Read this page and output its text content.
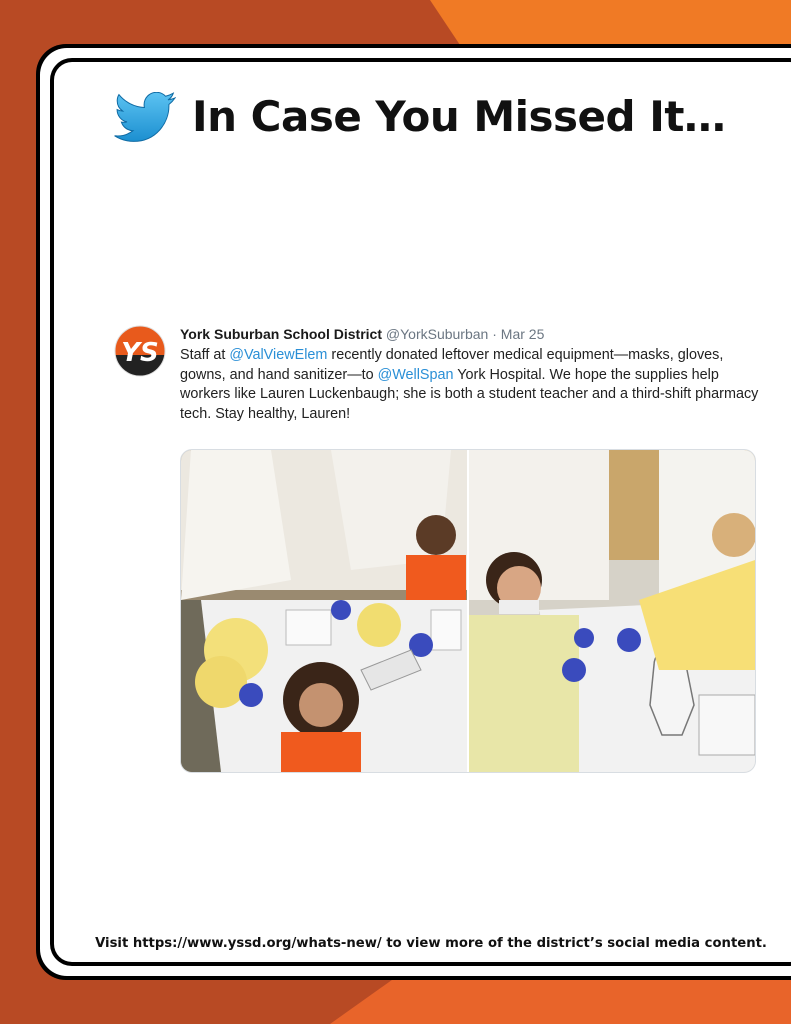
In Case You Missed It…
YS
York Suburban School District @YorkSuburban · Mar 25
Staff at @ValViewElem recently donated leftover medical equipment—masks, gloves, gowns, and hand sanitizer—to @WellSpan York Hospital. We hope the supplies help workers like Lauren Luckenbaugh; she is both a student teacher and a third-shift pharmacy tech. Stay healthy, Lauren!
Visit https://www.yssd.org/whats-new/ to view more of the district’s social media content.
